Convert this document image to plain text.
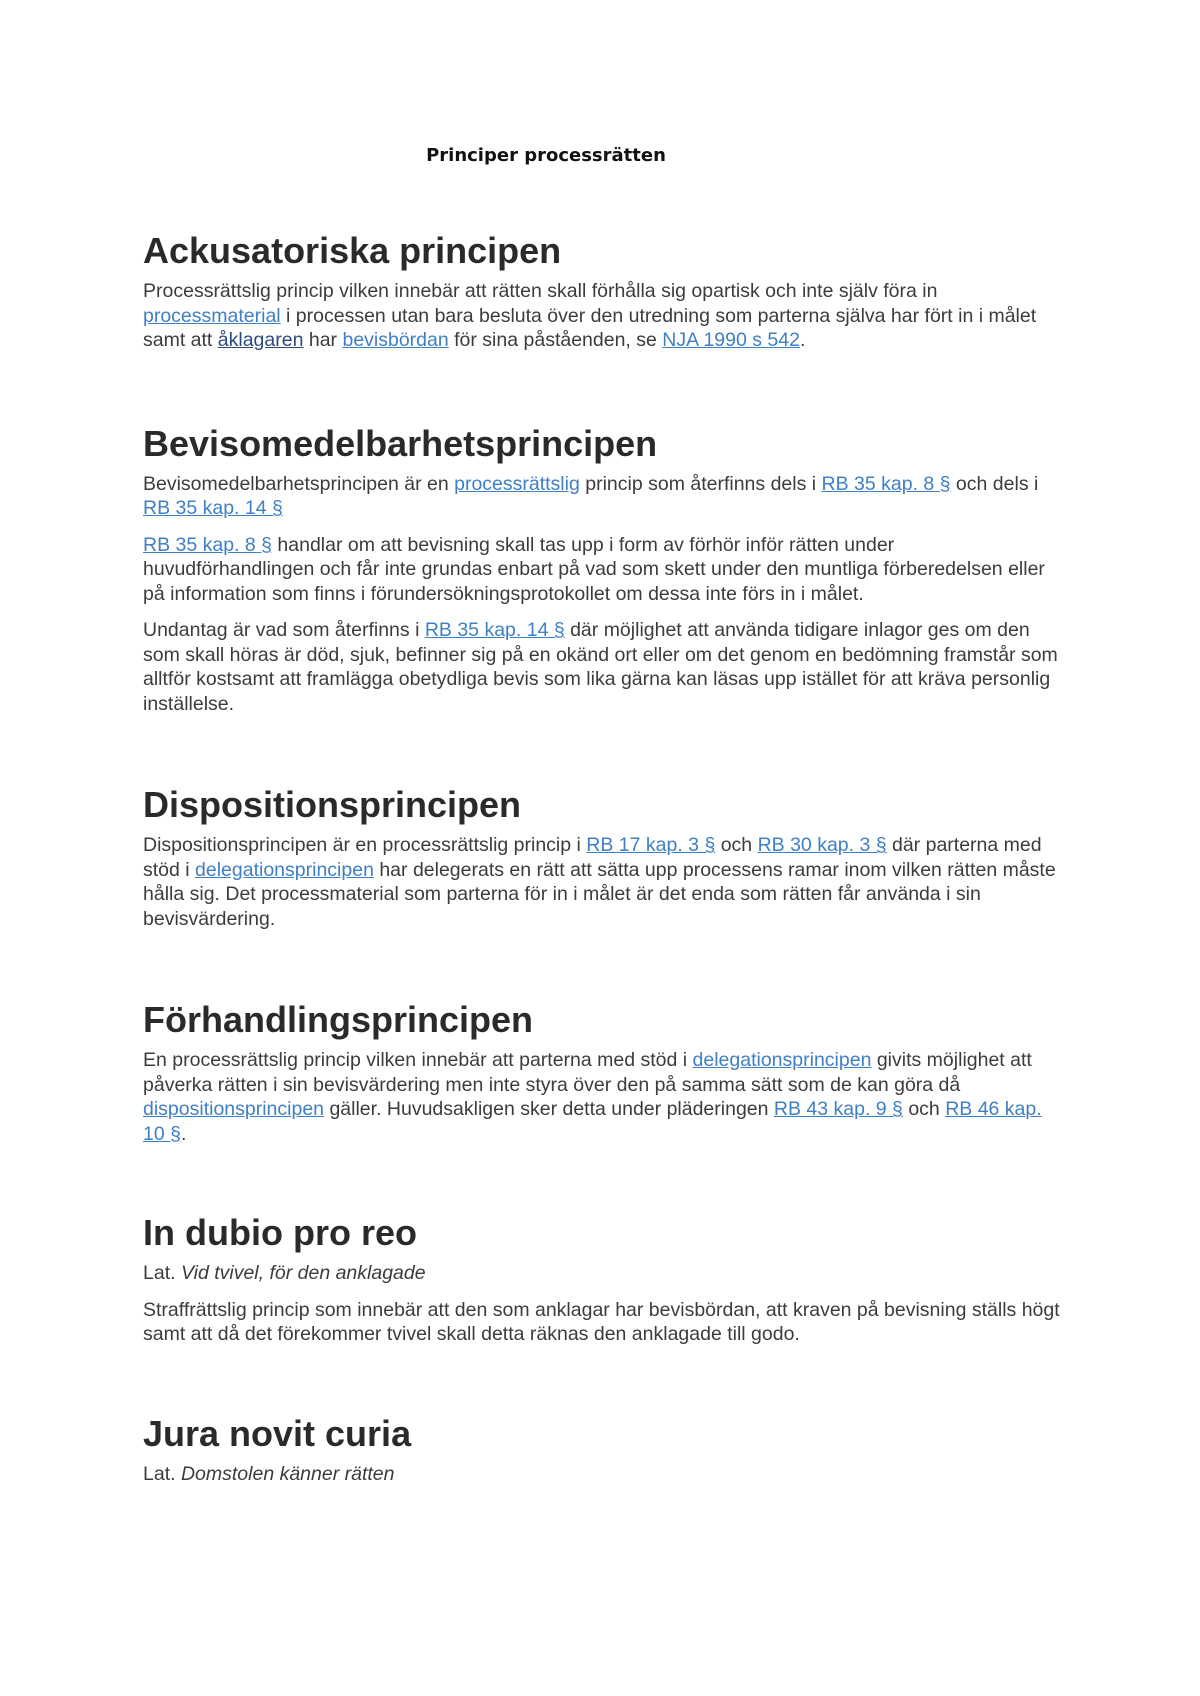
Principer processrätten
Ackusatoriska principen

Processrättslig princip vilken innebär att rätten skall förhålla sig opartisk och inte själv föra in processmaterial i processen utan bara besluta över den utredning som parterna själva har fört in i målet samt att åklagaren har bevisbördan för sina påståenden, se NJA 1990 s 542.

Bevisomedelbarhetsprincipen

Bevisomedelbarhetsprincipen är en processrättslig princip som återfinns dels i RB 35 kap. 8 § och dels i RB 35 kap. 14 §

RB 35 kap. 8 § handlar om att bevisning skall tas upp i form av förhör inför rätten under huvudförhandlingen och får inte grundas enbart på vad som skett under den muntliga förberedelsen eller på information som finns i förundersökningsprotokollet om dessa inte förs in i målet.

Undantag är vad som återfinns i RB 35 kap. 14 § där möjlighet att använda tidigare inlagor ges om den som skall höras är död, sjuk, befinner sig på en okänd ort eller om det genom en bedömning framstår som alltför kostsamt att framlägga obetydliga bevis som lika gärna kan läsas upp istället för att kräva personlig inställelse.

Dispositionsprincipen

Dispositionsprincipen är en processrättslig princip i RB 17 kap. 3 § och RB 30 kap. 3 § där parterna med stöd i delegationsprincipen har delegerats en rätt att sätta upp processens ramar inom vilken rätten måste hålla sig. Det processmaterial som parterna för in i målet är det enda som rätten får använda i sin bevisvärdering.

Förhandlingsprincipen

En processrättslig princip vilken innebär att parterna med stöd i delegationsprincipen givits möjlighet att påverka rätten i sin bevisvärdering men inte styra över den på samma sätt som de kan göra då dispositionsprincipen gäller. Huvudsakligen sker detta under pläderingen RB 43 kap. 9 § och RB 46 kap. 10 §.

In dubio pro reo

Lat. Vid tvivel, för den anklagade

Straffrättslig princip som innebär att den som anklagar har bevisbördan, att kraven på bevisning ställs högt samt att då det förekommer tvivel skall detta räknas den anklagade till godo.

Jura novit curia

Lat. Domstolen känner rätten
